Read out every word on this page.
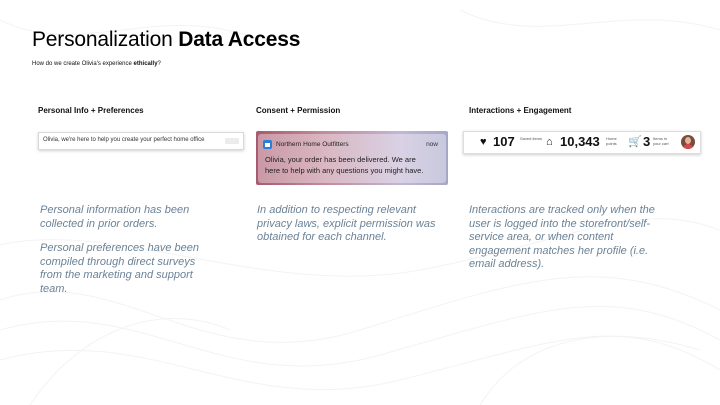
Personalization Data Access
How do we create Olivia's experience ethically?
Personal Info + Preferences
Olivia, we're here to help you create your perfect home office
Personal information has been
collected in prior orders.
Personal preferences have been
compiled through direct surveys
from the marketing and support
team.
Consent + Permission
Northern Home Outfitters	now
Olivia, your order has been delivered. We are
here to help with any questions you might have.
In addition to respecting relevant
privacy laws, explicit permission was
obtained for each channel.
Interactions + Engagement
♥ 107 Saved items ⌂ 10,343 Home points	🛒 3 Items in your cart
Interactions are tracked only when the
user is logged into the storefront/self-
service area, or when content
engagement matches her profile (i.e.
email address).
